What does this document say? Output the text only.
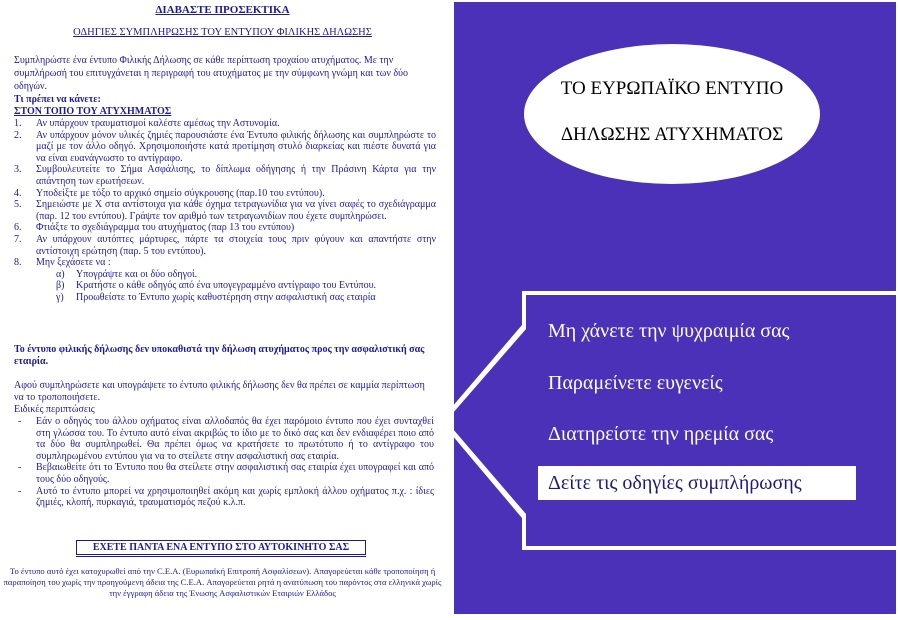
ΔΙΑΒΑΣΤΕ ΠΡΟΣΕΚΤΙΚΑ
ΟΔΗΓΙΕΣ ΣΥΜΠΛΗΡΩΣΗΣ ΤΟΥ ΕΝΤΥΠΟΥ ΦΙΛΙΚΗΣ ΔΗΛΩΣΗΣ
Συμπληρώστε ένα έντυπο Φιλικής Δήλωσης σε κάθε περίπτωση τροχαίου ατυχήματος. Με την συμπλήρωσή του επιτυγχάνεται η περιγραφή του ατυχήματος με την σύμφωνη γνώμη και των δύο οδηγών.
Τι πρέπει να κάνετε:
ΣΤΟΝ ΤΟΠΟ ΤΟΥ ΑΤΥΧΗΜΑΤΟΣ
1. Αν υπάρχουν τραυματισμοί καλέστε αμέσως την Αστυνομία.
2. Αν υπάρχουν μόνον υλικές ζημιές παρουσιάστε ένα Έντυπο φιλικής δήλωσης και συμπληρώστε το μαζί με τον άλλο οδηγό. Χρησιμοποιήστε κατά προτίμηση στυλό διαρκείας και πιέστε δυνατά για να είναι ευανάγνωστο το αντίγραφο.
3. Συμβουλευτείτε το Σήμα Ασφάλισης, το δίπλωμα οδήγησης ή την Πράσινη Κάρτα για την απάντηση των ερωτήσεων.
4. Υποδείξτε με τόξο το αρχικό σημείο σύγκρουσης (παρ.10 του εντύπου).
5. Σημειώστε με Χ στα αντίστοιχα για κάθε όχημα τετραγωνίδια για να γίνει σαφές το σχεδιάγραμμα (παρ. 12 του εντύπου). Γράψτε τον αριθμό των τετραγωνιδίων που έχετε συμπληρώσει.
6. Φτιάξτε το σχεδιάγραμμα του ατυχήματος (παρ 13 του εντύπου)
7. Αν υπάρχουν αυτόπτες μάρτυρες, πάρτε τα στοιχεία τους πριν φύγουν και απαντήστε στην αντίστοιχη ερώτηση (παρ. 5 του εντύπου).
8. Μην ξεχάσετε να :
α) Υπογράψτε και οι δύο οδηγοί.
β) Κρατήστε ο κάθε οδηγός από ένα υπογεγραμμένο αντίγραφο του Εντύπου.
γ) Προωθείστε το Έντυπο χωρίς καθυστέρηση στην ασφαλιστική σας εταιρία
Το έντυπο φιλικής δήλωσης δεν υποκαθιστά την δήλωση ατυχήματος προς την ασφαλιστική σας εταιρία.
Αφού συμπληρώσετε και υπογράψετε το έντυπο φιλικής δήλωσης δεν θα πρέπει σε καμμία περίπτωση να το τροποποιήσετε.
Ειδικές περιπτώσεις
- Εάν ο οδηγός του άλλου οχήματος είναι αλλοδαπός θα έχει παρόμοιο έντυπο που έχει συνταχθεί στη γλώσσα του. Το έντυπο αυτό είναι ακριβώς το ίδιο με το δικό σας και δεν ενδιαφέρει ποιο από τα δύο θα συμπληρωθεί. Θα πρέπει όμως να κρατήσετε το πρωτότυπο ή το αντίγραφο του συμπληρωμένου εντύπου για να το στείλετε στην ασφαλιστική σας εταιρία.
- Βεβαιωθείτε ότι το Έντυπο που θα στείλετε στην ασφαλιστική σας εταιρία έχει υπογραφεί και από τους δύο οδηγούς.
- Αυτό το έντυπο μπορεί να χρησιμοποιηθεί ακόμη και χωρίς εμπλοκή άλλου οχήματος π.χ. : ίδιες ζημιές, κλοπή, πυρκαγιά, τραυματισμός πεζού κ.λ.π.
ΕΧΕΤΕ ΠΑΝΤΑ ΕΝΑ ΕΝΤΥΠΟ ΣΤΟ ΑΥΤΟΚΙΝΗΤΟ ΣΑΣ
Το έντυπο αυτό έχει κατοχυρωθεί από την C.E.A. (Ευρωπαϊκή Επιτροπή Ασφαλίσεων). Απαγορεύεται κάθε τροποποίηση ή παραποίηση του χωρίς την προηγούμενη άδεια της C.E.A. Απαγορεύεται ρητά η ανατύπωση του παρόντος στα ελληνικά χωρίς την έγγραφη άδεια της Ένωσης Ασφαλιστικών Εταιριών Ελλάδος
ΤΟ ΕΥΡΩΠΑΪΚΟ ΕΝΤΥΠΟ
ΔΗΛΩΣΗΣ ΑΤΥΧΗΜΑΤΟΣ
Μη χάνετε την ψυχραιμία σας
Παραμείνετε ευγενείς
Διατηρείστε την ηρεμία σας
Δείτε τις οδηγίες συμπλήρωσης
